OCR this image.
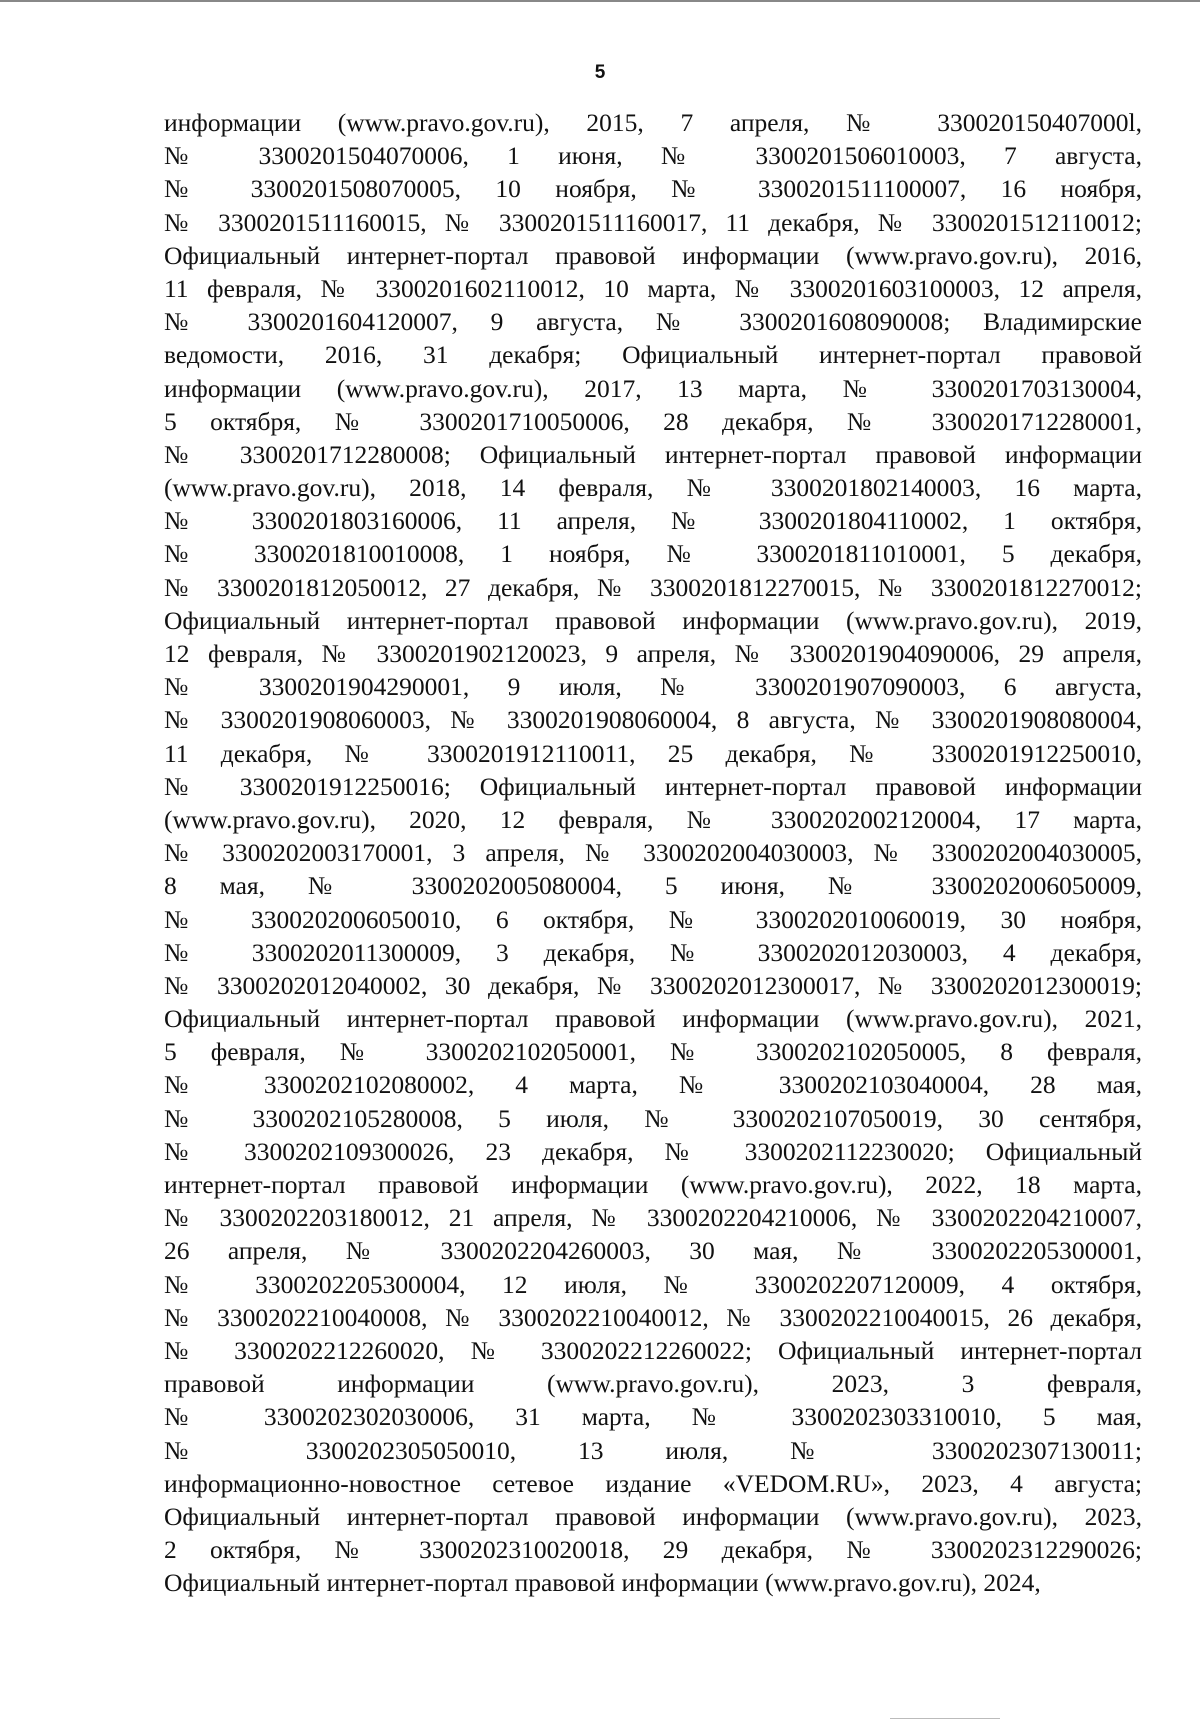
5
информации (www.pravo.gov.ru), 2015, 7 апреля, № 330020150407000l,
№ 3300201504070006, 1 июня, № 3300201506010003, 7 августа,
№ 3300201508070005, 10 ноября, № 3300201511100007, 16 ноября,
№ 3300201511160015, № 3300201511160017, 11 декабря, № 3300201512110012;
Официальный интернет-портал правовой информации (www.pravo.gov.ru), 2016,
11 февраля, № 3300201602110012, 10 марта, № 3300201603100003, 12 апреля,
№ 3300201604120007, 9 августа, № 3300201608090008; Владимирские
ведомости, 2016, 31 декабря; Официальный интернет-портал правовой
информации (www.pravo.gov.ru), 2017, 13 марта, № 3300201703130004,
5 октября, № 3300201710050006, 28 декабря, № 3300201712280001,
№ 3300201712280008; Официальный интернет-портал правовой информации
(www.pravo.gov.ru), 2018, 14 февраля, № 3300201802140003, 16 марта,
№ 3300201803160006, 11 апреля, № 3300201804110002, 1 октября,
№ 3300201810010008, 1 ноября, № 3300201811010001, 5 декабря,
№ 3300201812050012, 27 декабря, № 3300201812270015, № 3300201812270012;
Официальный интернет-портал правовой информации (www.pravo.gov.ru), 2019,
12 февраля, № 3300201902120023, 9 апреля, № 3300201904090006, 29 апреля,
№ 3300201904290001, 9 июля, № 3300201907090003, 6 августа,
№ 3300201908060003, № 3300201908060004, 8 августа, № 3300201908080004,
11 декабря, № 3300201912110011, 25 декабря, № 3300201912250010,
№ 3300201912250016; Официальный интернет-портал правовой информации
(www.pravo.gov.ru), 2020, 12 февраля, № 3300202002120004, 17 марта,
№ 3300202003170001, 3 апреля, № 3300202004030003, № 3300202004030005,
8 мая, № 3300202005080004, 5 июня, № 3300202006050009,
№ 3300202006050010, 6 октября, № 3300202010060019, 30 ноября,
№ 3300202011300009, 3 декабря, № 3300202012030003, 4 декабря,
№ 3300202012040002, 30 декабря, № 3300202012300017, № 3300202012300019;
Официальный интернет-портал правовой информации (www.pravo.gov.ru), 2021,
5 февраля, № 3300202102050001, № 3300202102050005, 8 февраля,
№ 3300202102080002, 4 марта, № 3300202103040004, 28 мая,
№ 3300202105280008, 5 июля, № 3300202107050019, 30 сентября,
№ 3300202109300026, 23 декабря, № 3300202112230020; Официальный
интернет-портал правовой информации (www.pravo.gov.ru), 2022, 18 марта,
№ 3300202203180012, 21 апреля, № 3300202204210006, № 3300202204210007,
26 апреля, № 3300202204260003, 30 мая, № 3300202205300001,
№ 3300202205300004, 12 июля, № 3300202207120009, 4 октября,
№ 3300202210040008, № 3300202210040012, № 3300202210040015, 26 декабря,
№ 3300202212260020, № 3300202212260022; Официальный интернет-портал
правовой информации (www.pravo.gov.ru), 2023, 3 февраля,
№ 3300202302030006, 31 марта, № 3300202303310010, 5 мая,
№ 3300202305050010, 13 июля, № 3300202307130011;
информационно-новостное сетевое издание «VEDOM.RU», 2023, 4 августа;
Официальный интернет-портал правовой информации (www.pravo.gov.ru), 2023,
2 октября, № 3300202310020018, 29 декабря, № 3300202312290026;
Официальный интернет-портал правовой информации (www.pravo.gov.ru), 2024,
